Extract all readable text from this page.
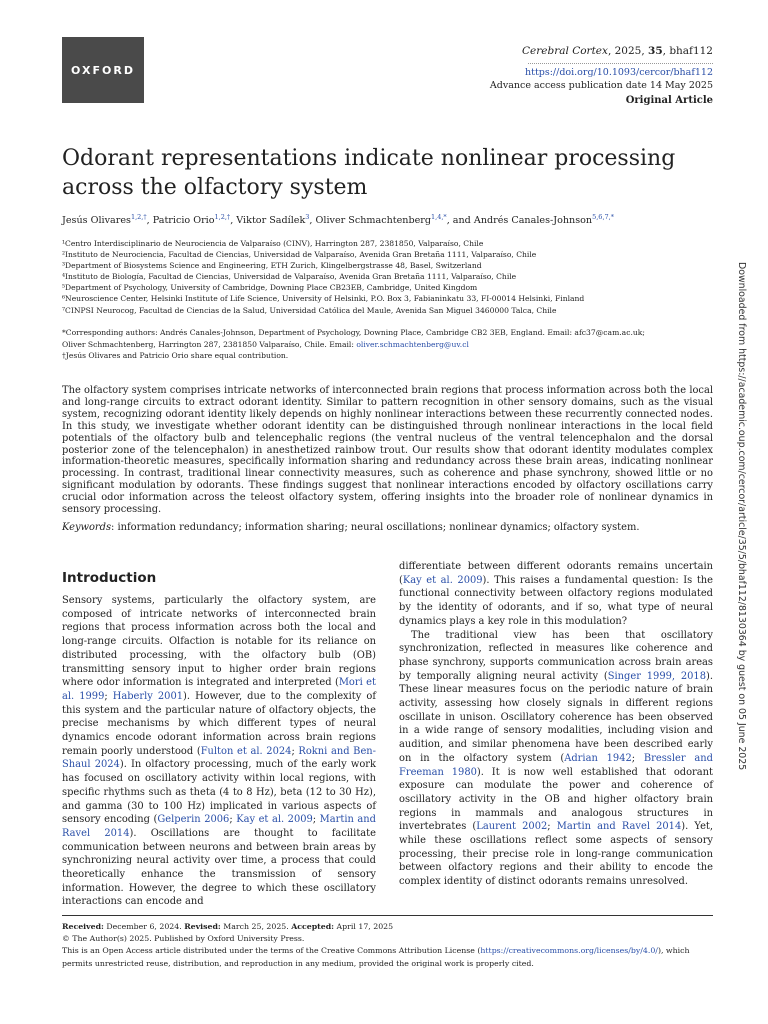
OXFORD
Cerebral Cortex, 2025, 35, bhaf112
https://doi.org/10.1093/cercor/bhaf112
Advance access publication date 14 May 2025
Original Article
Odorant representations indicate nonlinear processing across the olfactory system
Jesús Olivares$^{1,2,\dagger}$, Patricio Orio$^{1,2,\dagger}$, Viktor Sadílek$^3$, Oliver Schmachtenberg$^{1,4,*}$, and Andrés Canales-Johnson$^{5,6,7,*}$
¹Centro Interdisciplinario de Neurociencia de Valparaíso (CINV), Harrington 287, 2381850, Valparaíso, Chile
²Instituto de Neurociencia, Facultad de Ciencias, Universidad de Valparaíso, Avenida Gran Bretaña 1111, Valparaíso, Chile
³Department of Biosystems Science and Engineering, ETH Zurich, Klingelbergstrasse 48, Basel, Switzerland
⁴Instituto de Biología, Facultad de Ciencias, Universidad de Valparaíso, Avenida Gran Bretaña 1111, Valparaíso, Chile
⁵Department of Psychology, University of Cambridge, Downing Place CB23EB, Cambridge, United Kingdom
⁶Neuroscience Center, Helsinki Institute of Life Science, University of Helsinki, P.O. Box 3, Fabianinkatu 33, FI-00014 Helsinki, Finland
⁷CINPSI Neurocog, Facultad de Ciencias de la Salud, Universidad Católica del Maule, Avenida San Miguel 3460000 Talca, Chile
*Corresponding authors: Andrés Canales-Johnson, Department of Psychology, Downing Place, Cambridge CB2 3EB, England. Email: afc37@cam.ac.uk;
Oliver Schmachtenberg, Harrington 287, 2381850 Valparaíso, Chile. Email: oliver.schmachtenberg@uv.cl
†Jesús Olivares and Patricio Orio share equal contribution.

The olfactory system comprises intricate networks of interconnected brain regions that process information across both the local and long-range circuits to extract odorant identity. Similar to pattern recognition in other sensory domains, such as the visual system, recognizing odorant identity likely depends on highly nonlinear interactions between these recurrently connected nodes. In this study, we investigate whether odorant identity can be distinguished through nonlinear interactions in the local field potentials of the olfactory bulb and telencephalic regions (the ventral nucleus of the ventral telencephalon and the dorsal posterior zone of the telencephalon) in anesthetized rainbow trout. Our results show that odorant identity modulates complex information-theoretic measures, specifically information sharing and redundancy across these brain areas, indicating nonlinear processing. In contrast, traditional linear connectivity measures, such as coherence and phase synchrony, showed little or no significant modulation by odorants. These findings suggest that nonlinear interactions encoded by olfactory oscillations carry crucial odor information across the teleost olfactory system, offering insights into the broader role of nonlinear dynamics in sensory processing.

Keywords: information redundancy; information sharing; neural oscillations; nonlinear dynamics; olfactory system.
Introduction

Sensory systems, particularly the olfactory system, are composed of intricate networks of interconnected brain regions that process information across both the local and long-range circuits. Olfaction is notable for its reliance on distributed processing, with the olfactory bulb (OB) transmitting sensory input to higher order brain regions where odor information is integrated and interpreted (Mori et al. 1999; Haberly 2001). However, due to the complexity of this system and the particular nature of olfactory objects, the precise mechanisms by which different types of neural dynamics encode odorant information across brain regions remain poorly understood (Fulton et al. 2024; Rokni and Ben-Shaul 2024). In olfactory processing, much of the early work has focused on oscillatory activity within local regions, with specific rhythms such as theta (4 to 8 Hz), beta (12 to 30 Hz), and gamma (30 to 100 Hz) implicated in various aspects of sensory encoding (Gelperin 2006; Kay et al. 2009; Martin and Ravel 2014). Oscillations are thought to facilitate communication between neurons and between brain areas by synchronizing neural activity over time, a process that could theoretically enhance the transmission of sensory information. However, the degree to which these oscillatory interactions can encode and

differentiate between different odorants remains uncertain (Kay et al. 2009). This raises a fundamental question: Is the functional connectivity between olfactory regions modulated by the identity of odorants, and if so, what type of neural dynamics plays a key role in this modulation?

The traditional view has been that oscillatory synchronization, reflected in measures like coherence and phase synchrony, supports communication across brain areas by temporally aligning neural activity (Singer 1999, 2018). These linear measures focus on the periodic nature of brain activity, assessing how closely signals in different regions oscillate in unison. Oscillatory coherence has been observed in a wide range of sensory modalities, including vision and audition, and similar phenomena have been described early on in the olfactory system (Adrian 1942; Bressler and Freeman 1980). It is now well established that odorant exposure can modulate the power and coherence of oscillatory activity in the OB and higher olfactory brain regions in mammals and analogous structures in invertebrates (Laurent 2002; Martin and Ravel 2014). Yet, while these oscillations reflect some aspects of sensory processing, their precise role in long-range communication between olfactory regions and their ability to encode the complex identity of distinct odorants remains unresolved.

Received: December 6, 2024. Revised: March 25, 2025. Accepted: April 17, 2025
© The Author(s) 2025. Published by Oxford University Press.
This is an Open Access article distributed under the terms of the Creative Commons Attribution License (https://creativecommons.org/licenses/by/4.0/), which permits unrestricted reuse, distribution, and reproduction in any medium, provided the original work is properly cited.
Downloaded from https://academic.oup.com/cercor/article/35/5/bhaf112/8130364 by guest on 05 June 2025
